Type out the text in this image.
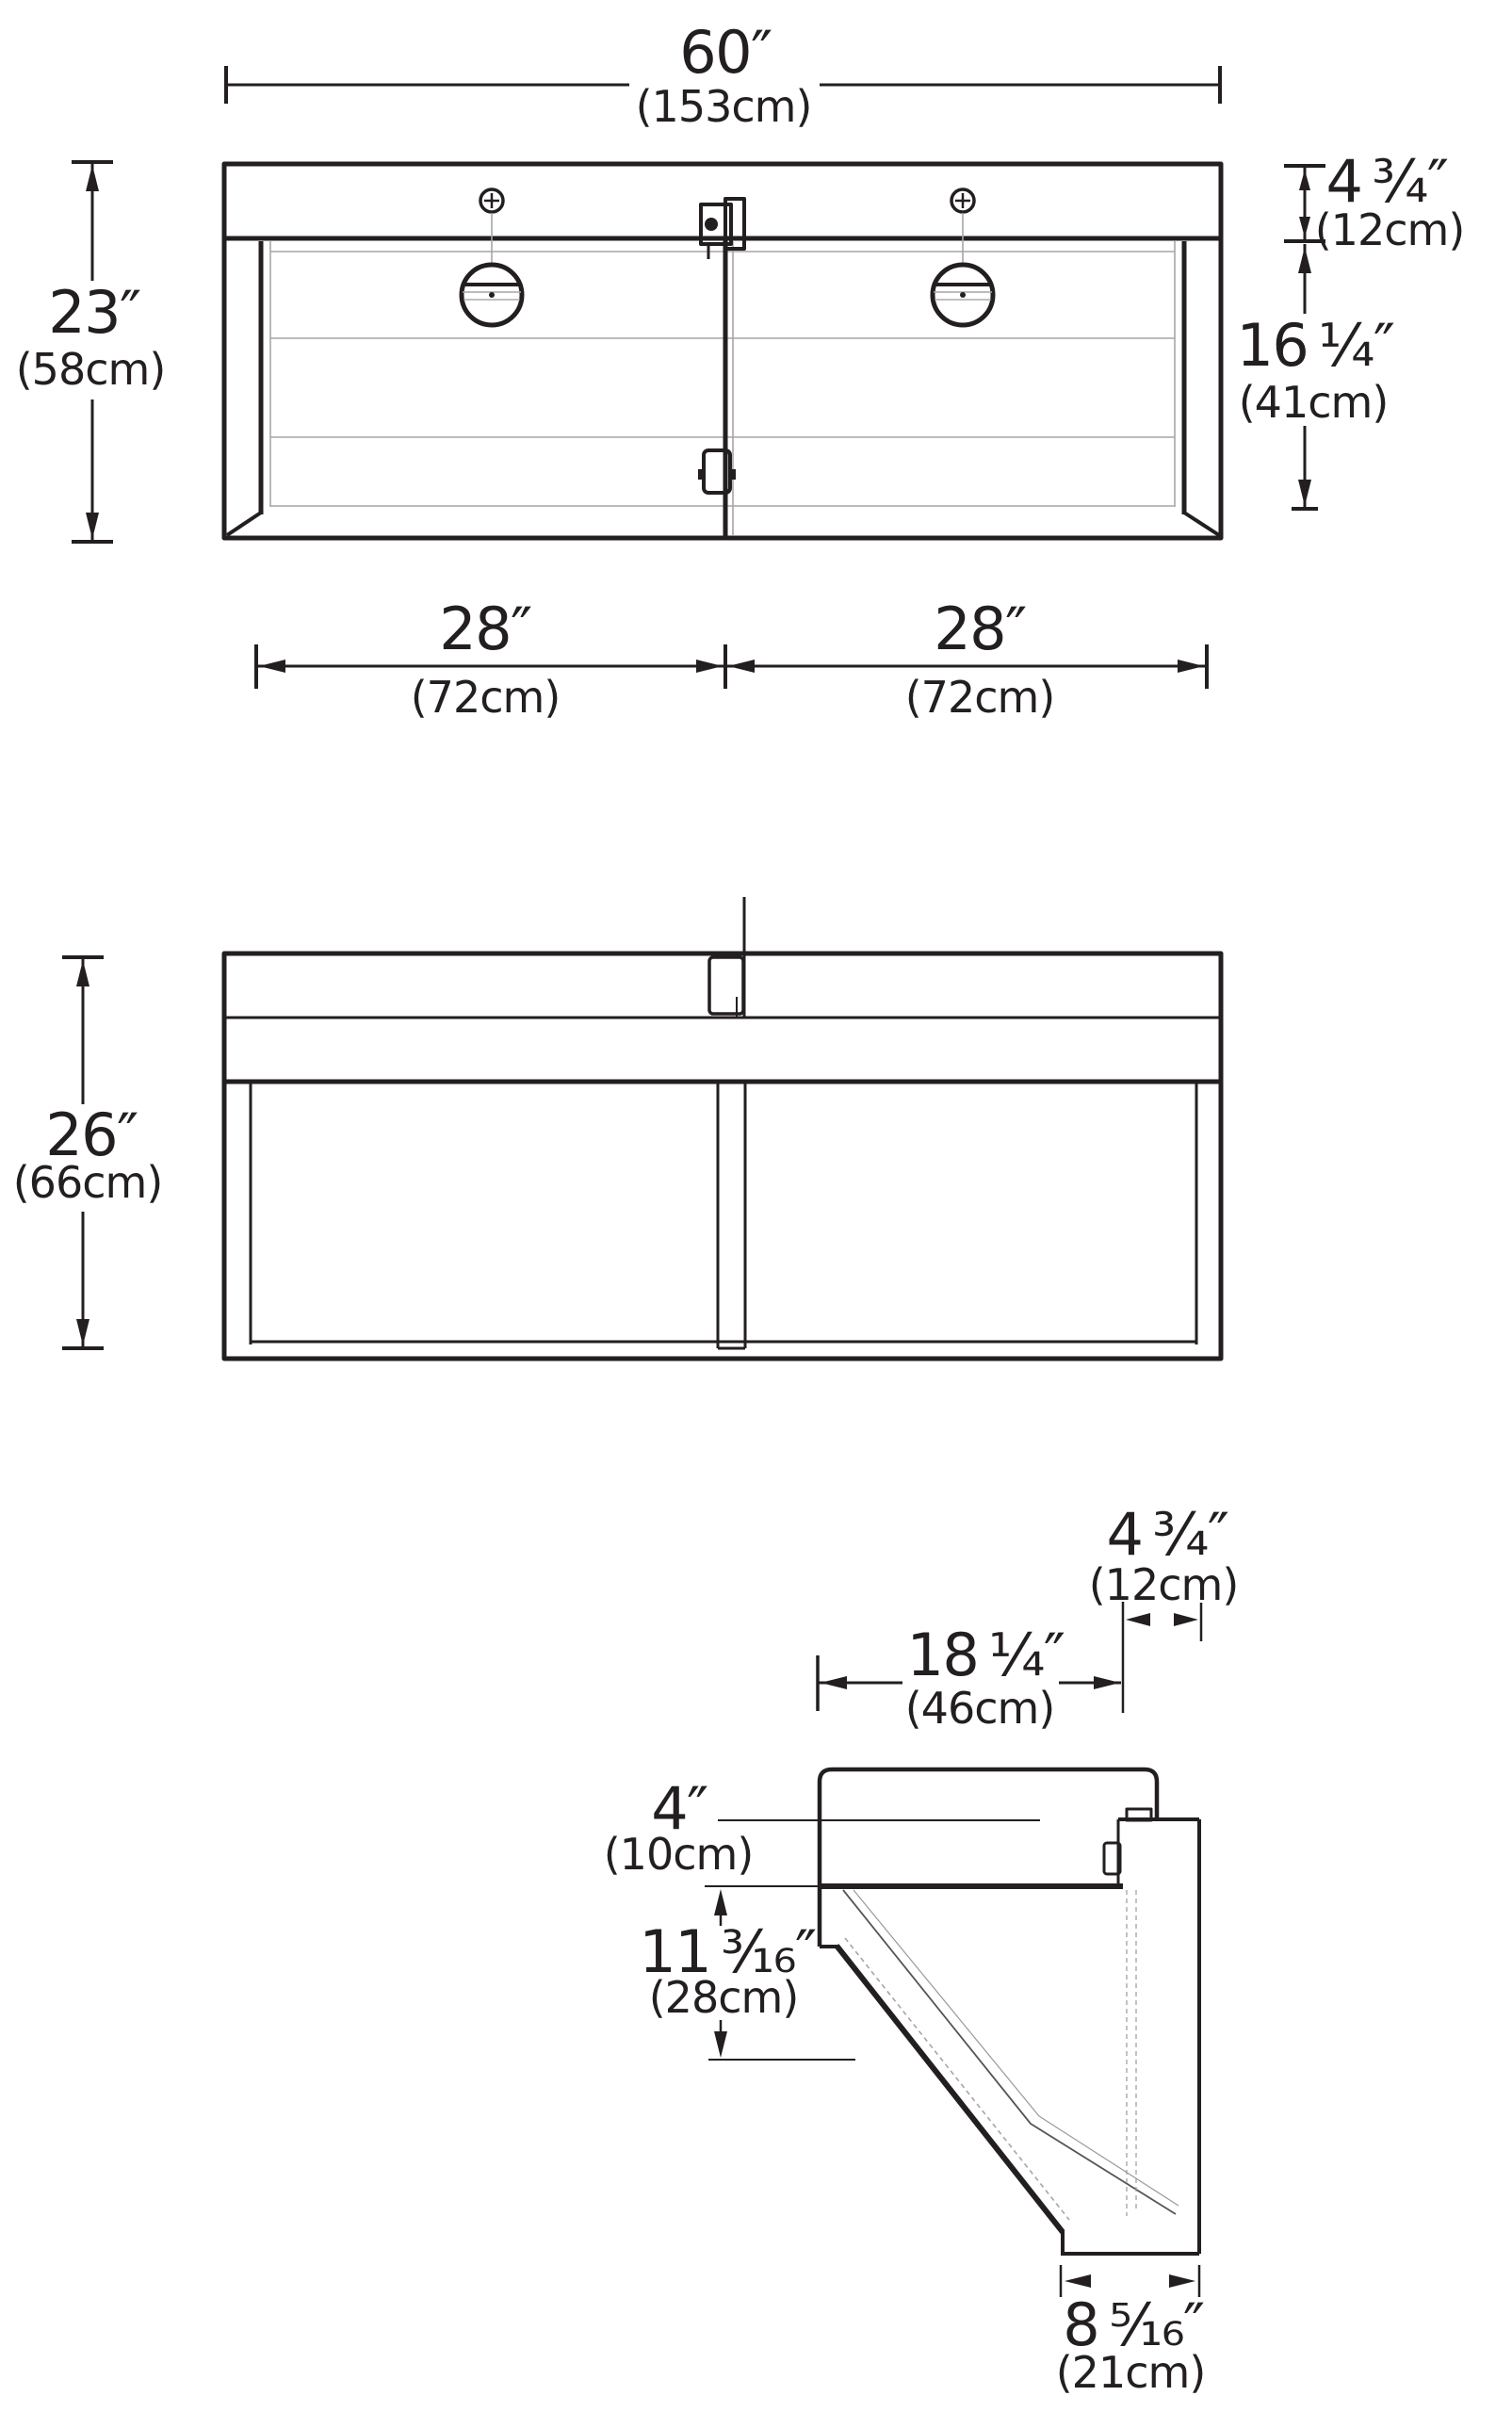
60″
(153cm)
23″
(58cm)
4 ¾″
(12cm)
16 ¼″
(41cm)
28″
(72cm)
28″
(72cm)
26″
(66cm)
18 ¼″
(46cm)
4 ¾″
(12cm)
4″
(10cm)
11 ³⁄₁₆″
(28cm)
8 ⁵⁄₁₆″
(21cm)
